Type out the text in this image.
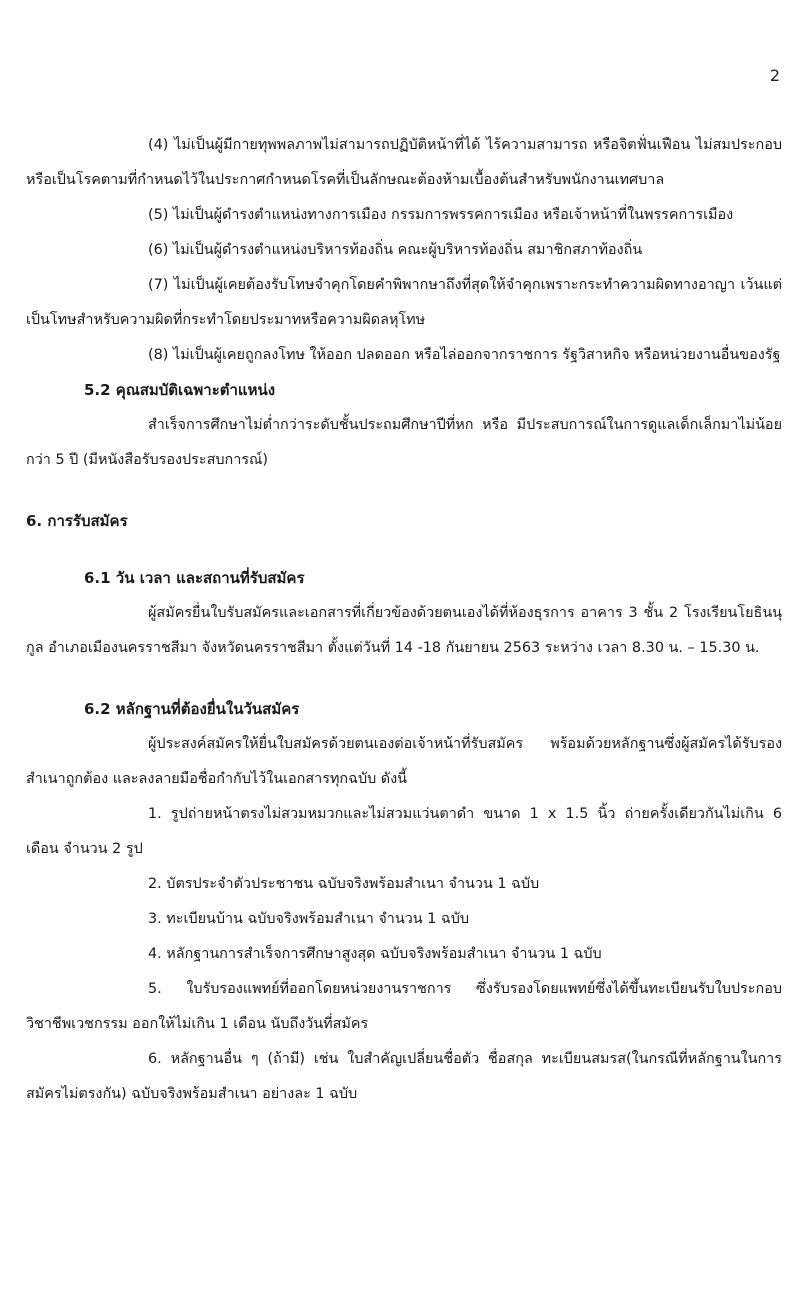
2

(4) ไม่เป็นผู้มีกายทุพพลภาพไม่สามารถปฏิบัติหน้าที่ได้ ไร้ความสามารถ หรือจิตฟั่นเฟือน ไม่สมประกอบ หรือเป็นโรคตามที่กำหนดไว้ในประกาศกำหนดโรคที่เป็นลักษณะต้องห้ามเบื้องต้นสำหรับพนักงานเทศบาล

(5) ไม่เป็นผู้ดำรงตำแหน่งทางการเมือง กรรมการพรรคการเมือง หรือเจ้าหน้าที่ในพรรคการเมือง

(6) ไม่เป็นผู้ดำรงตำแหน่งบริหารท้องถิ่น คณะผู้บริหารท้องถิ่น สมาชิกสภาท้องถิ่น

(7) ไม่เป็นผู้เคยต้องรับโทษจำคุกโดยคำพิพากษาถึงที่สุดให้จำคุกเพราะกระทำความผิดทางอาญา เว้นแต่เป็นโทษสำหรับความผิดที่กระทำโดยประมาทหรือความผิดลหุโทษ

(8) ไม่เป็นผู้เคยถูกลงโทษ ให้ออก ปลดออก หรือไล่ออกจากราชการ รัฐวิสาหกิจ หรือหน่วยงานอื่นของรัฐ

5.2 คุณสมบัติเฉพาะตำแหน่ง

สำเร็จการศึกษาไม่ต่ำกว่าระดับชั้นประถมศึกษาปีที่หก หรือ มีประสบการณ์ในการดูแลเด็กเล็กมาไม่น้อยกว่า 5 ปี (มีหนังสือรับรองประสบการณ์)

6. การรับสมัคร

6.1 วัน เวลา และสถานที่รับสมัคร

ผู้สมัครยื่นใบรับสมัครและเอกสารที่เกี่ยวข้องด้วยตนเองได้ที่ห้องธุรการ อาคาร 3 ชั้น 2 โรงเรียนโยธินนุกูล อำเภอเมืองนครราชสีมา จังหวัดนครราชสีมา ตั้งแต่วันที่ 14 -18 กันยายน 2563 ระหว่าง เวลา 8.30 น. – 15.30 น.

6.2 หลักฐานที่ต้องยื่นในวันสมัคร

ผู้ประสงค์สมัครให้ยื่นใบสมัครด้วยตนเองต่อเจ้าหน้าที่รับสมัคร พร้อมด้วยหลักฐานซึ่งผู้สมัครได้รับรองสำเนาถูกต้อง และลงลายมือชื่อกำกับไว้ในเอกสารทุกฉบับ ดังนี้

1. รูปถ่ายหน้าตรงไม่สวมหมวกและไม่สวมแว่นตาดำ ขนาด 1 x 1.5 นิ้ว ถ่ายครั้งเดียวกันไม่เกิน 6 เดือน จำนวน 2 รูป

2. บัตรประจำตัวประชาชน ฉบับจริงพร้อมสำเนา จำนวน 1 ฉบับ

3. ทะเบียนบ้าน ฉบับจริงพร้อมสำเนา จำนวน 1 ฉบับ

4. หลักฐานการสำเร็จการศึกษาสูงสุด ฉบับจริงพร้อมสำเนา จำนวน 1 ฉบับ

5. ใบรับรองแพทย์ที่ออกโดยหน่วยงานราชการ ซึ่งรับรองโดยแพทย์ซึ่งได้ขึ้นทะเบียนรับใบประกอบวิชาชีพเวชกรรม ออกให้ไม่เกิน 1 เดือน นับถึงวันที่สมัคร

6. หลักฐานอื่น ๆ (ถ้ามี) เช่น ใบสำคัญเปลี่ยนชื่อตัว ชื่อสกุล ทะเบียนสมรส(ในกรณีที่หลักฐานในการสมัครไม่ตรงกัน) ฉบับจริงพร้อมสำเนา อย่างละ 1 ฉบับ
